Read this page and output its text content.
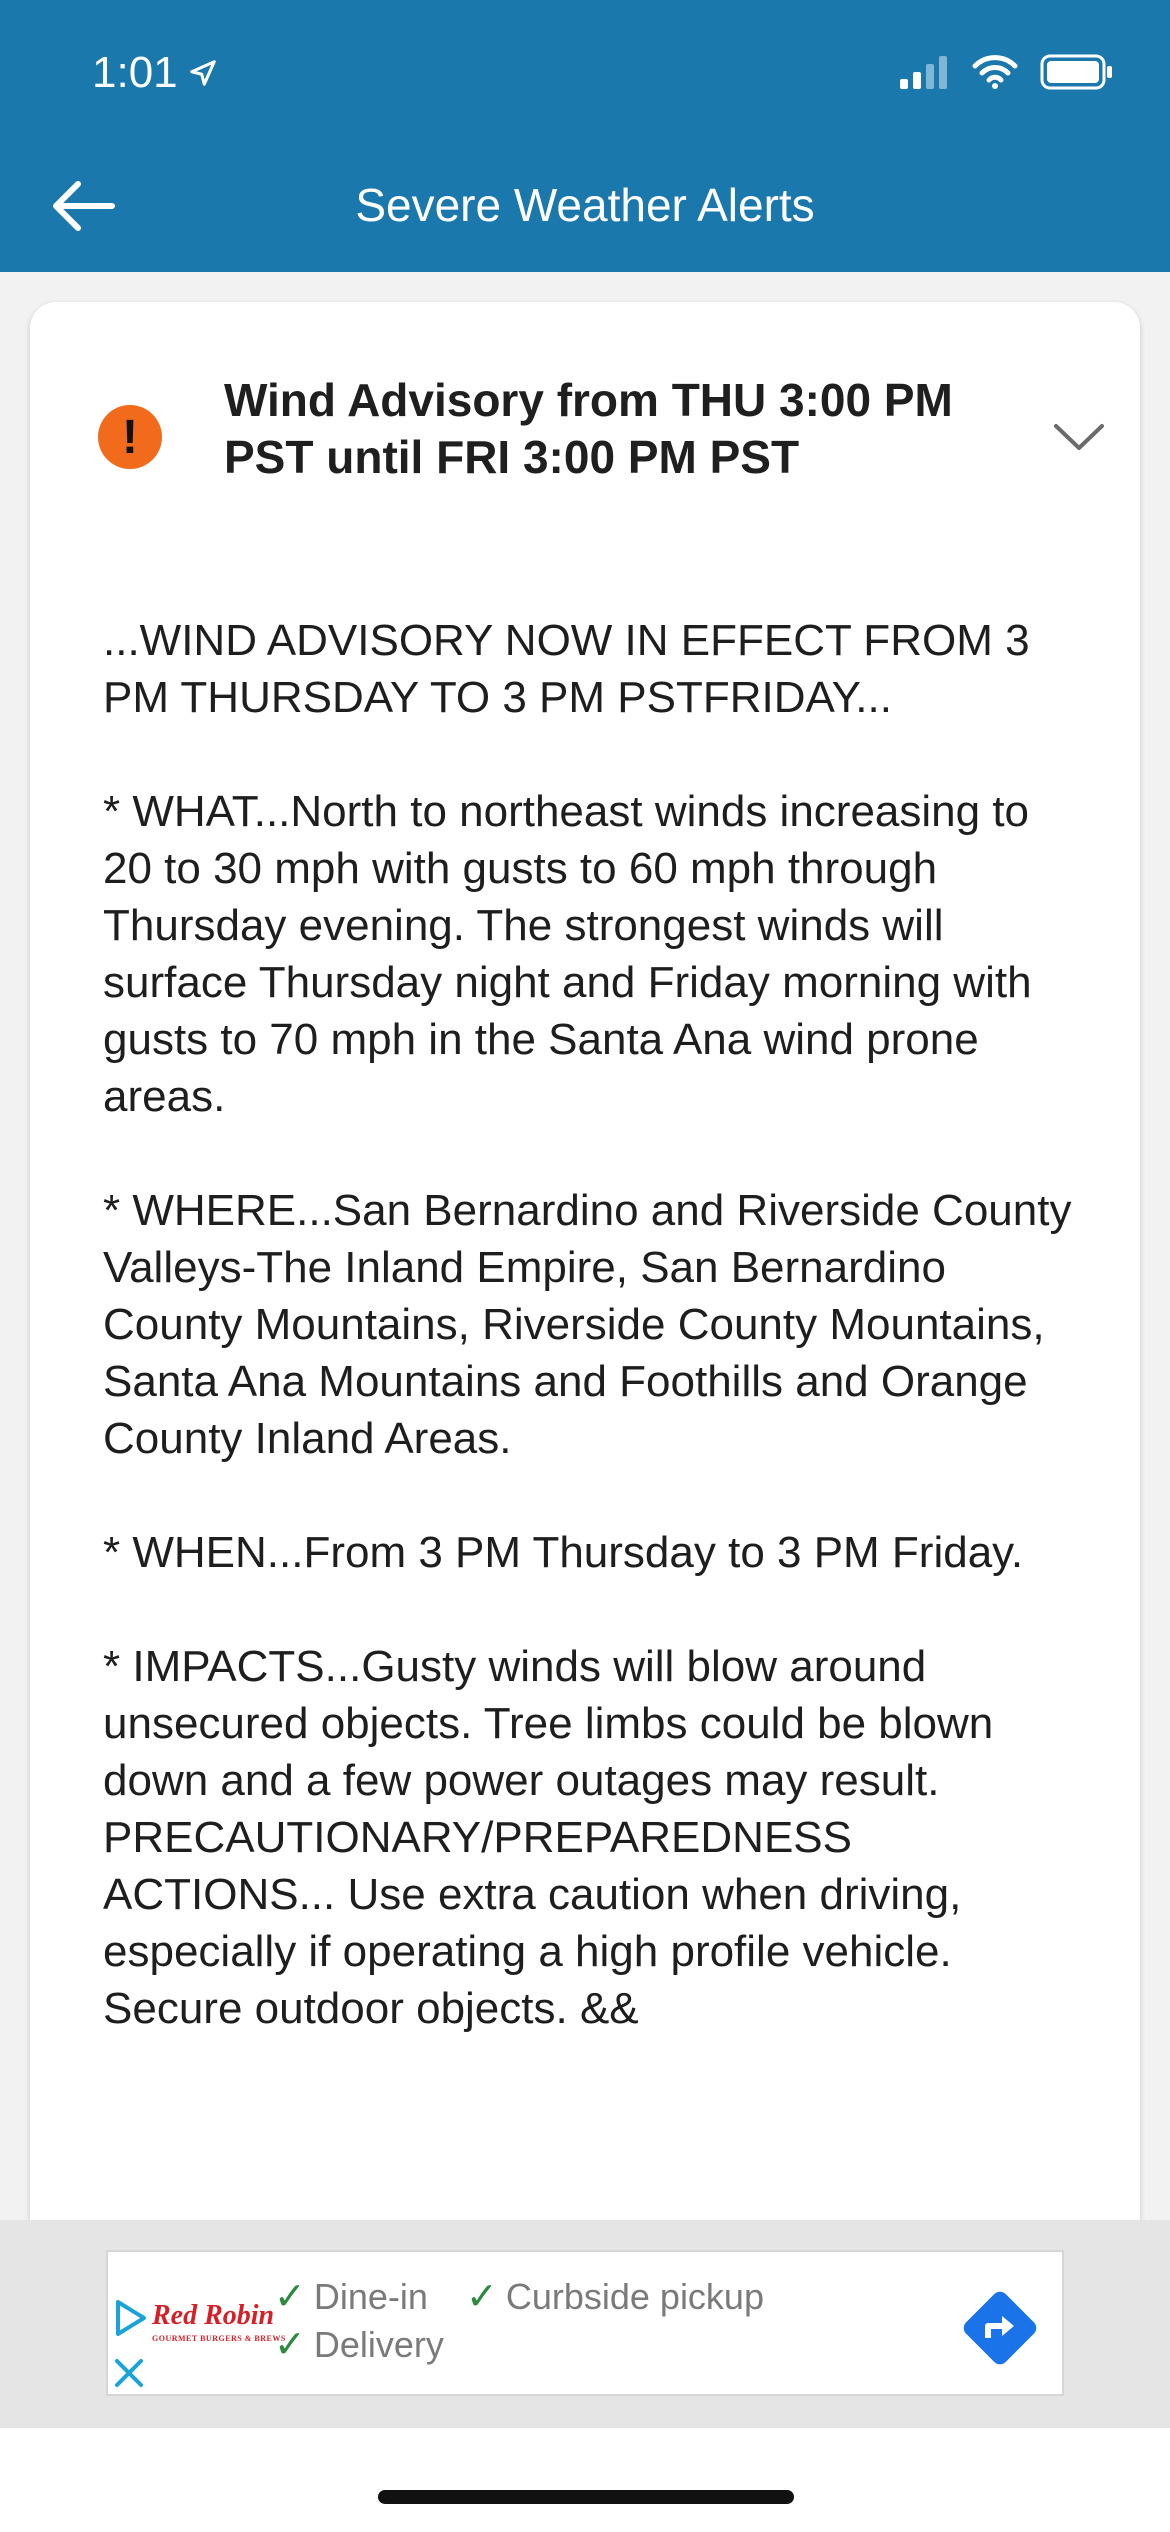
1:01
Severe Weather Alerts
!
Wind Advisory from THU 3:00 PM PST until FRI 3:00 PM PST

...WIND ADVISORY NOW IN EFFECT FROM 3 PM THURSDAY TO 3 PM PSTFRIDAY...

* WHAT...North to northeast winds increasing to 20 to 30 mph with gusts to 60 mph through Thursday evening. The strongest winds will surface Thursday night and Friday morning with gusts to 70 mph in the Santa Ana wind prone areas.

* WHERE...San Bernardino and Riverside County Valleys-The Inland Empire, San Bernardino County Mountains, Riverside County Mountains, Santa Ana Mountains and Foothills and Orange County Inland Areas.

* WHEN...From 3 PM Thursday to 3 PM Friday.

* IMPACTS...Gusty winds will blow around unsecured objects. Tree limbs could be blown down and a few power outages may result. PRECAUTIONARY/PREPAREDNESS ACTIONS... Use extra caution when driving, especially if operating a high profile vehicle. Secure outdoor objects. &&

Red Robin
GOURMET BURGERS & BREWS
✓ Dine-in ✓ Curbside pickup
✓ Delivery
